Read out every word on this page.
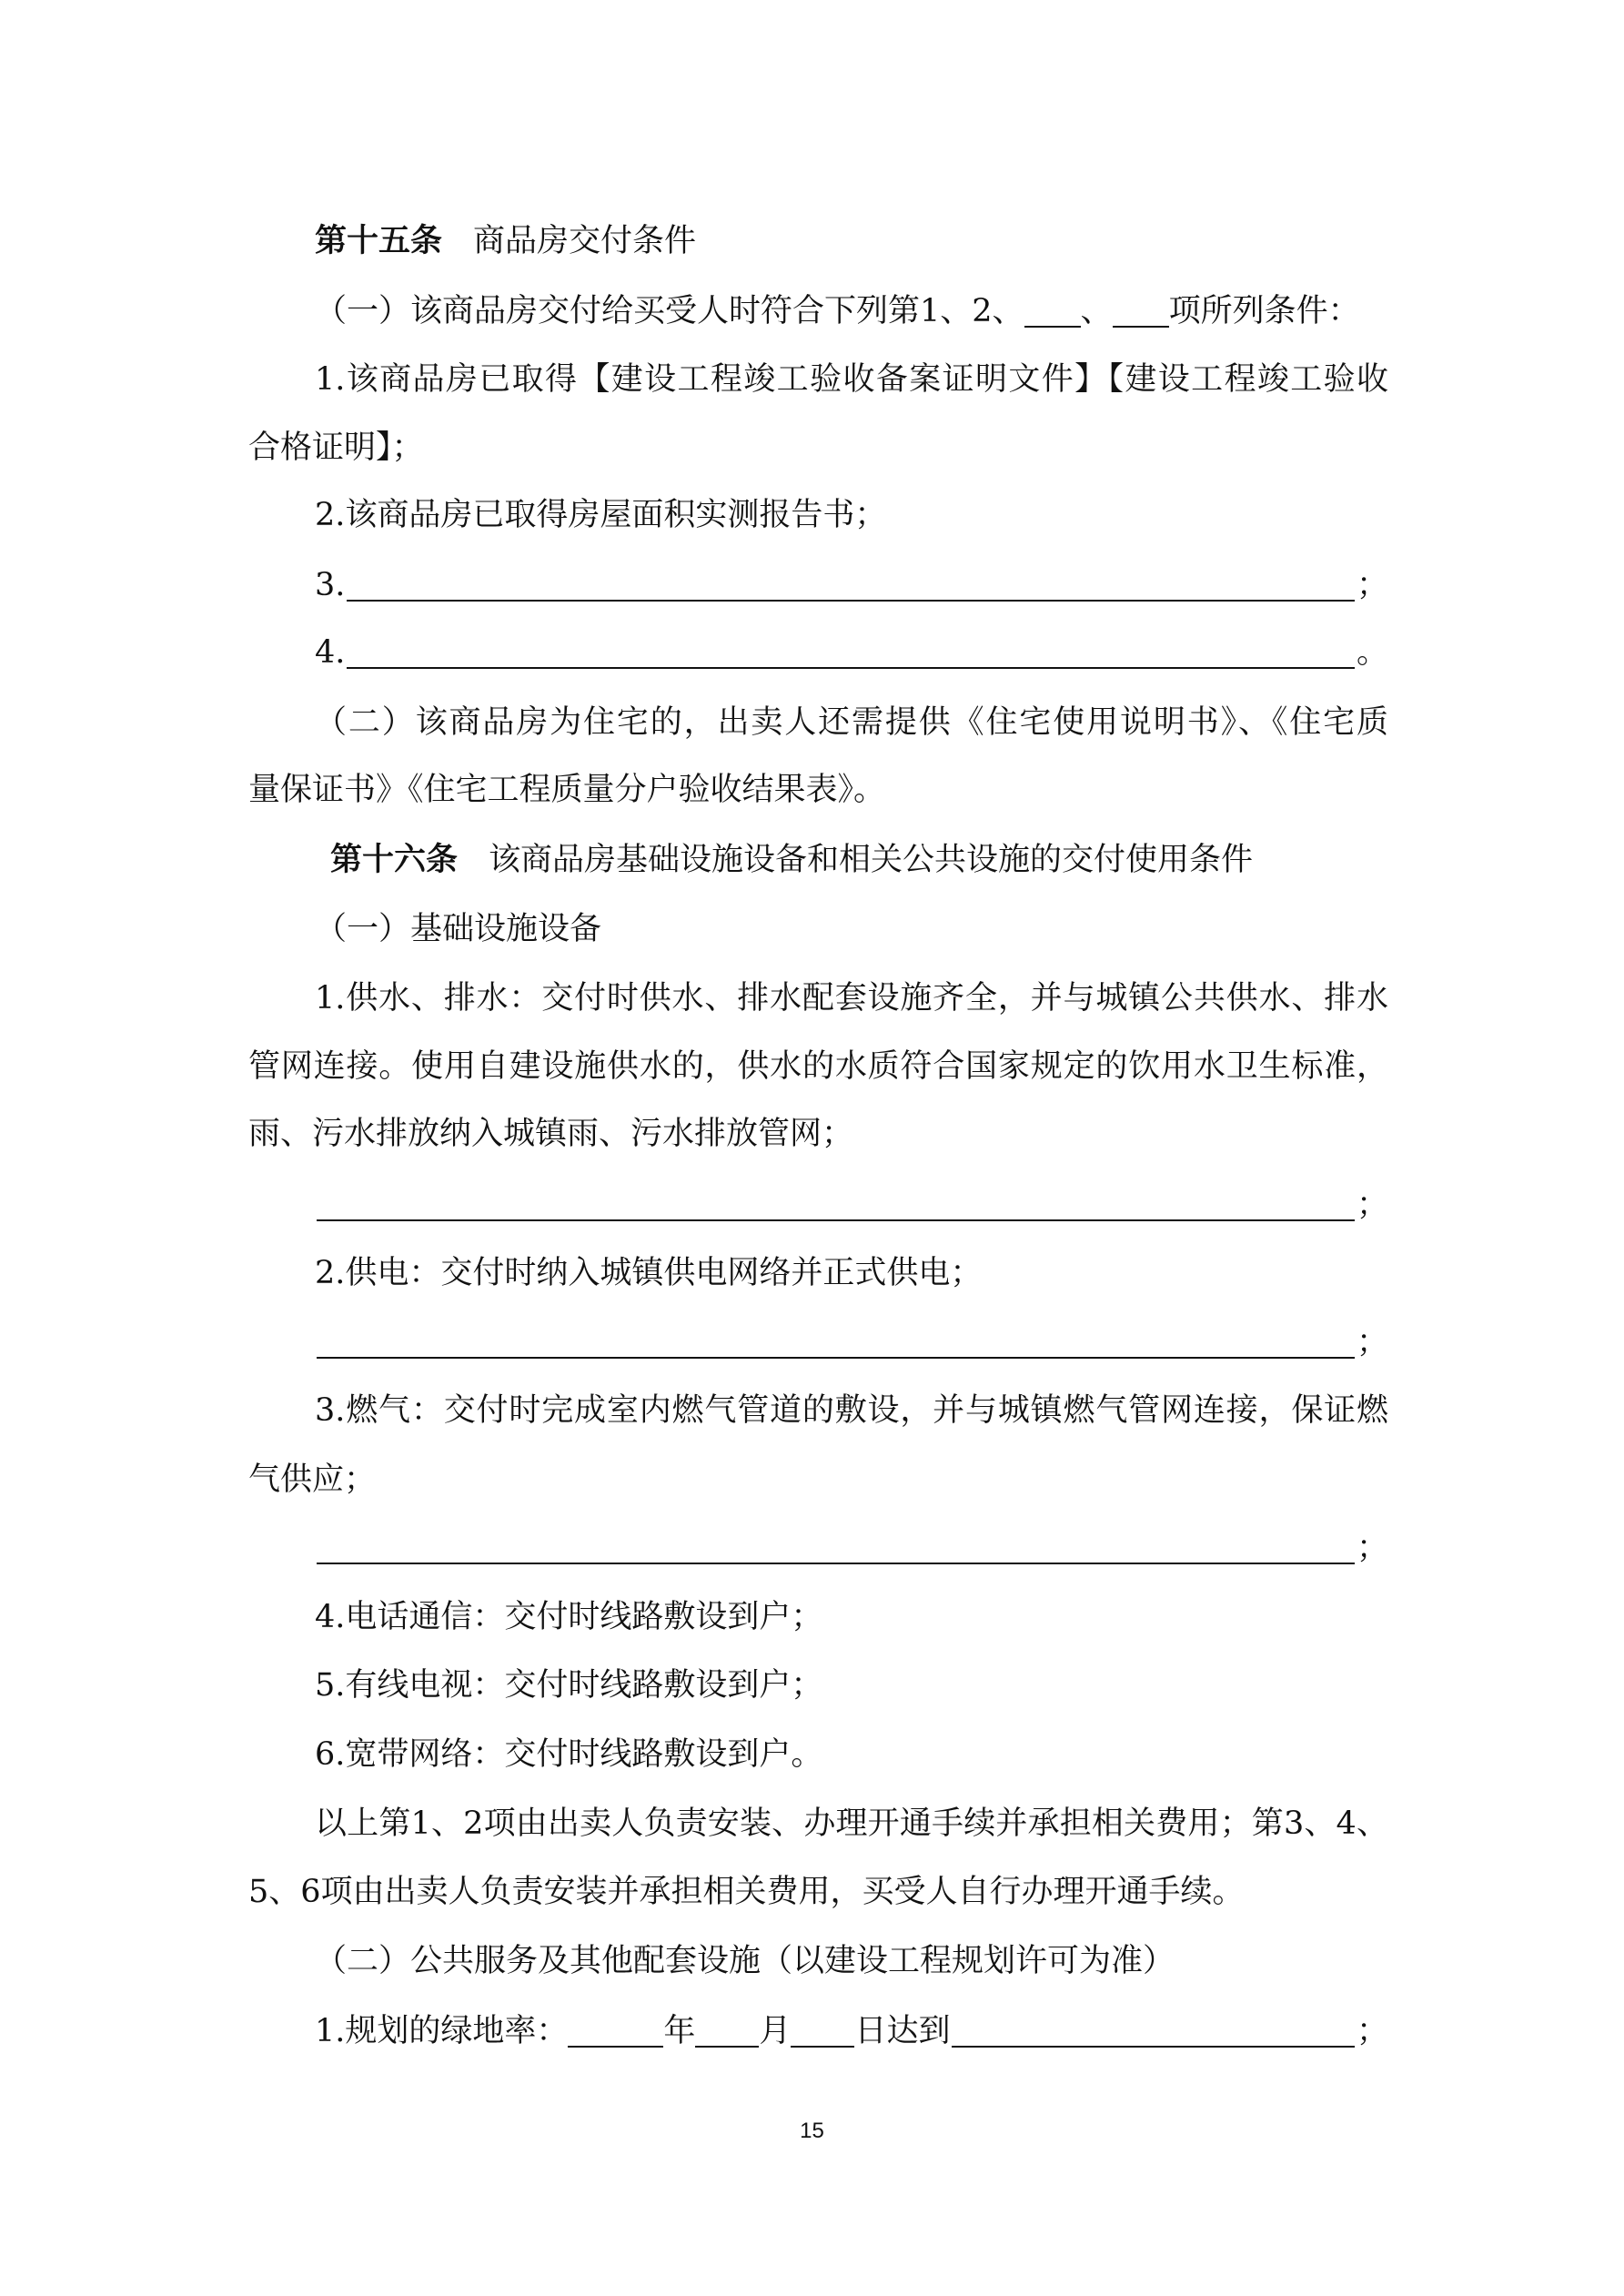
第十五条 商品房交付条件
（一）该商品房交付给买受人时符合下列第1、2、 、 项所列条件：
1.该商品房已取得【建设工程竣工验收备案证明文件】【建设工程竣工验收
合格证明】；
2.该商品房已取得房屋面积实测报告书；
3.	；
4.	。
（二）该商品房为住宅的，出卖人还需提供《住宅使用说明书》、《住宅质
量保证书》《住宅工程质量分户验收结果表》。
第十六条 该商品房基础设施设备和相关公共设施的交付使用条件
（一）基础设施设备
1.供水、排水：交付时供水、排水配套设施齐全，并与城镇公共供水、排水
管网连接。使用自建设施供水的，供水的水质符合国家规定的饮用水卫生标准，
雨、污水排放纳入城镇雨、污水排放管网；
；
2.供电：交付时纳入城镇供电网络并正式供电；
；
3.燃气：交付时完成室内燃气管道的敷设，并与城镇燃气管网连接，保证燃
气供应；
；
4.电话通信：交付时线路敷设到户；
5.有线电视：交付时线路敷设到户；
6.宽带网络：交付时线路敷设到户。
以上第1、2项由出卖人负责安装、办理开通手续并承担相关费用；第3、4、
5、6项由出卖人负责安装并承担相关费用，买受人自行办理开通手续。
（二）公共服务及其他配套设施（以建设工程规划许可为准）
1.规划的绿地率：	年 月 日达到	；
15
